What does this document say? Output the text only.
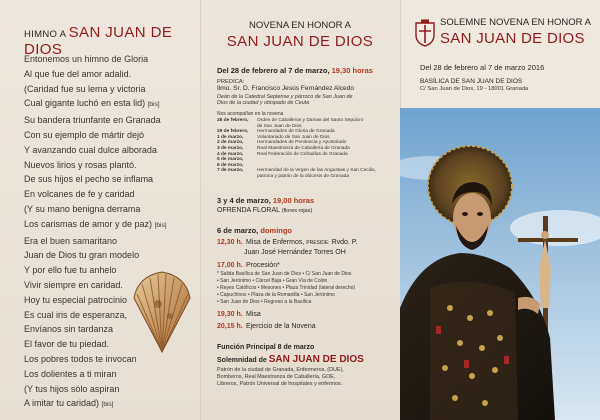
HIMNO A SAN JUAN DE DIOS
Entonemos un himno de Gloria
Al que fue del amor adalid.
(Caridad fue su lema y victoria
Cual gigante luchó en esta lid) [bis]
Su bandera triunfante en Granada
Con su ejemplo de mártir dejó
Y avanzando cual dulce alborada
Nuevos lirios y rosas plantó.
De sus hijos el pecho se inflama
En volcanes de fe y caridad
(Y su mano benigna derrama
Los carismas de amor y de paz) [bis]
Era el buen samaritano
Juan de Dios tu gran modelo
Y por ello fue tu anhelo
Vivir siempre en caridad.
Hoy tu especial patrocinio
Es cual iris de esperanza,
Envíanos sin tardanza
El favor de tu piedad.
Los pobres todos te invocan
Los dolientes a ti miran
(Y tus hijos sólo aspiran
A imitar tu caridad) [bis]
NOVENA EN HONOR A
SAN JUAN DE DIOS
Del 28 de febrero al 7 de marzo, 19,30 horas
PREDICA:
Ilmo. Sr. D. Francisco Jesús Fernández Alcedo
Deán de la Catedral Septense y párroco de San Juan de
Dios de la ciudad y obispado de Ceuta
Nos acompañan en la novena
28 de febrero, Orden de Caballeros y Damas del Santo Sepulcro
de San Juan de Dios
29 de febrero, Hermandades de Gloria de Granada
1 de marzo,	Voluntariado de San Juan de Dios
2 de marzo,	Hermandades de Penitencia y Apostolado
3 de marzo,	Real Maestranza de Caballería de Granada
4 de marzo,	Real Federación de Cofradías de Granada
5 de marzo,
6 de marzo,
7 de marzo,	Hermandad de la Virgen de las Angustias y San Cecilio,
patrona y patrón de la diócesis de Granada
3 y 4 de marzo, 19,00 horas
OFRENDA FLORAL (flores rojas)
6 de marzo, domingo
12,30 h. Misa de Enfermos, PRESIDE: Rvdo. P.
Juan José Hernández Torres OH
17,00 h. Procesión*
* Salida Basílica de San Juan de Dios • C/ San Juan de Dios
• San Jerónimo • Cárcel Baja • Gran Vía de Colón
• Reyes Católicos • Mesones • Plaza Trinidad (lateral derecho)
• Capuchinos • Plaza de la Romanilla • San Jerónimo
• San Juan de Dios • Regreso a la Basílica
19,30 h. Misa
20,15 h. Ejercicio de la Novena
Función Principal 8 de marzo
Solemnidad de SAN JUAN DE DIOS
Patrón de la ciudad de Granada, Enfermeros, (DUE),
Bomberos, Real Maestranza de Caballería, GOE,
Libreros, Patrón Universal de hospitales y enfermos.
SOLEMNE NOVENA EN HONOR A
SAN JUAN DE DIOS
Del 28 de febrero al 7 de marzo 2016
BASÍLICA DE SAN JUAN DE DIOS
C/ San Juan de Dios, 19 - 18001 Granada
